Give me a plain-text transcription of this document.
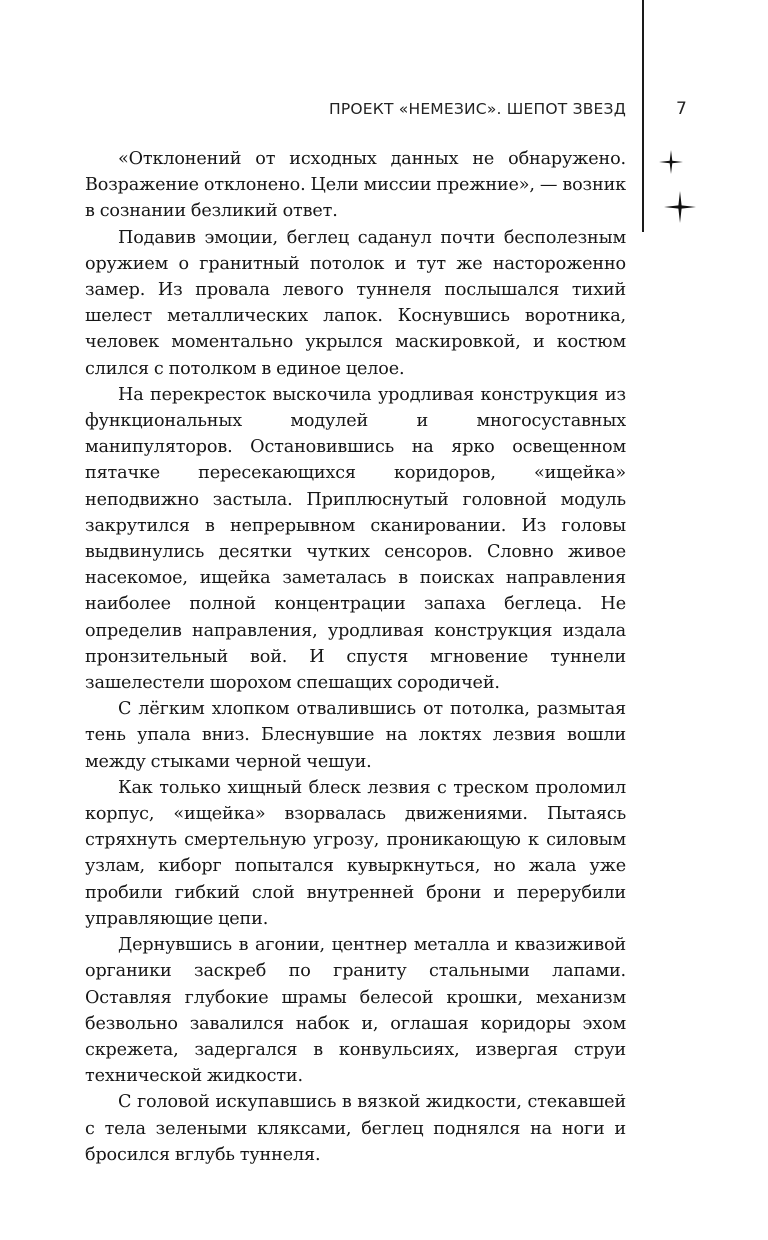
ПРОЕКТ «НЕМЕЗИС». ШЕПОТ ЗВЕЗД	7

«Отклонений от исходных данных не обнаружено. Возражение отклонено. Цели миссии прежние», — возник в сознании безликий ответ.

Подавив эмоции, беглец саданул почти бесполезным оружием о гранитный потолок и тут же настороженно замер. Из провала левого туннеля послышался тихий шелест металлических лапок. Коснувшись воротника, человек моментально укрылся маскировкой, и костюм слился с потолком в единое целое.

На перекресток выскочила уродливая конструкция из функциональных модулей и многосуставных манипуляторов. Остановившись на ярко освещенном пятачке пересекающихся коридоров, «ищейка» неподвижно застыла. Приплюснутый головной модуль закрутился в непрерывном сканировании. Из головы выдвинулись десятки чутких сенсоров. Словно живое насекомое, ищейка заметалась в поисках направления наиболее полной концентрации запаха беглеца. Не определив направления, уродливая конструкция издала пронзительный вой. И спустя мгновение туннели зашелестели шорохом спешащих сородичей.

С лёгким хлопком отвалившись от потолка, размытая тень упала вниз. Блеснувшие на локтях лезвия вошли между стыками черной чешуи.

Как только хищный блеск лезвия с треском проломил корпус, «ищейка» взорвалась движениями. Пытаясь стряхнуть смертельную угрозу, проникающую к силовым узлам, киборг попытался кувыркнуться, но жала уже пробили гибкий слой внутренней брони и перерубили управляющие цепи.

Дернувшись в агонии, центнер металла и квазиживой органики заскреб по граниту стальными лапами. Оставляя глубокие шрамы белесой крошки, механизм безвольно завалился набок и, оглашая коридоры эхом скрежета, задергался в конвульсиях, извергая струи технической жидкости.

С головой искупавшись в вязкой жидкости, стекавшей с тела зелеными кляксами, беглец поднялся на ноги и бросился вглубь туннеля.
